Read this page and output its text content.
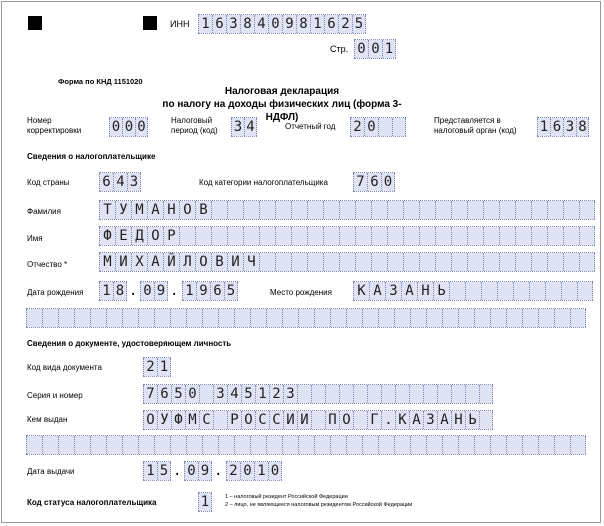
ИНН 1 6 3 8 4 0 9 8 1 6 2 5
Стр. 0 0 1
Форма по КНД 1151020
Налоговая декларация
по налогу на доходы физических лиц (форма 3-НДФЛ)
Номер корректировки	0 0 0	Налоговый период (код)	3 4	Отчетный год 2 0	Представляется в налоговый орган (код)	1 6 3 8
Сведения о налогоплательщике
Код страны 6 4 3	Код категории налогоплательщика 7 6 0
Фамилия	Т У М А Н О В
Имя	Ф Е Д О Р
Отчество *	М И Х А Й Л О В И Ч
Дата рождения 1 8 . 0 9 . 1 9 6 5	Место рождения	К А З А Н Ь
Сведения о документе, удостоверяющем личность
Код вида документа	2 1
Серия и номер	7 6 5 0 3 4 5 1 2 3
Кем выдан	О У Ф М С Р О С С И И П О Г . К А З А Н Ь
Дата выдачи	1 5 . 0 9 . 2 0 1 0
Код статуса налогоплательщика	1	1 – налоговый резидент Российской Федерации
2 – лицо, не являющееся налоговым резидентом Российской Федерации
